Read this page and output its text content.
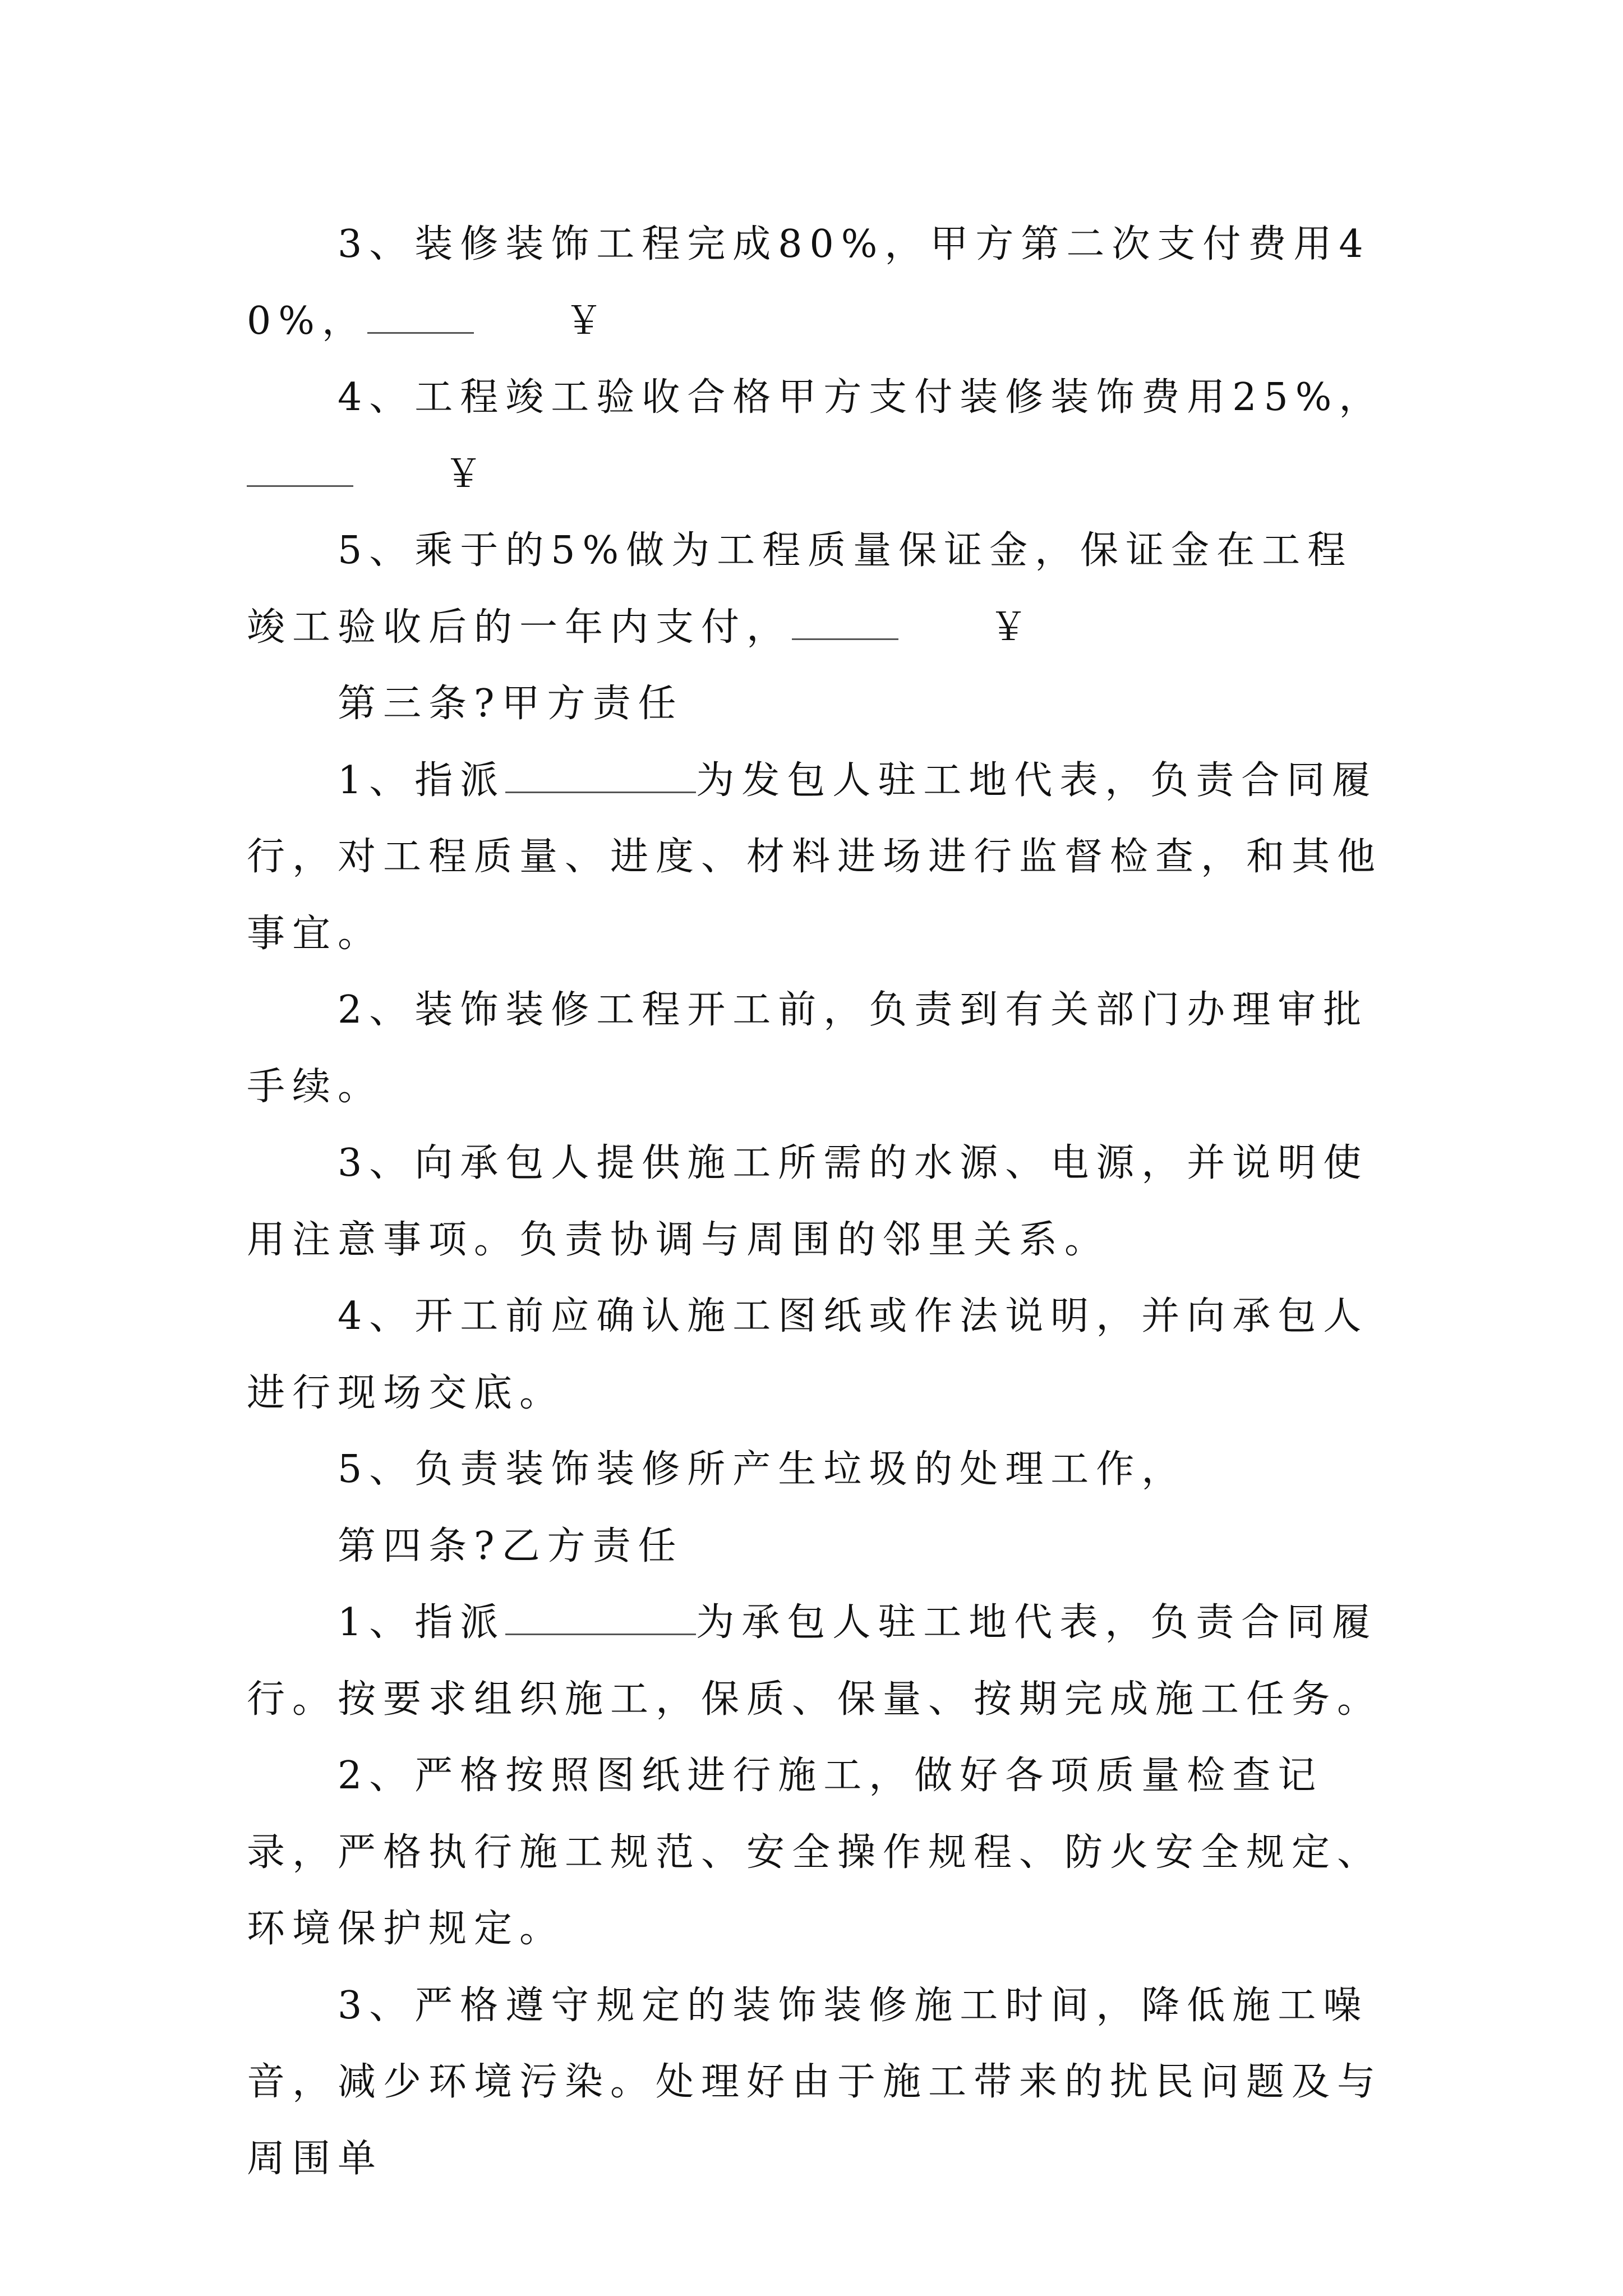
3、装修装饰工程完成80%，甲方第二次支付费用40%，	￥

4、工程竣工验收合格甲方支付装修装饰费用25%，￥

5、乘于的5%做为工程质量保证金，保证金在工程竣工验收后的一年内支付，	￥

第三条?甲方责任

1、指派	为发包人驻工地代表，负责合同履行，对工程质量、进度、材料进场进行监督检查，和其他事宜。

2、装饰装修工程开工前，负责到有关部门办理审批手续。

3、向承包人提供施工所需的水源、电源，并说明使用注意事项。负责协调与周围的邻里关系。

4、开工前应确认施工图纸或作法说明，并向承包人进行现场交底。

5、负责装饰装修所产生垃圾的处理工作，

第四条?乙方责任

1、指派	为承包人驻工地代表，负责合同履行。按要求组织施工，保质、保量、按期完成施工任务。

2、严格按照图纸进行施工，做好各项质量检查记录，严格执行施工规范、安全操作规程、防火安全规定、环境保护规定。

3、严格遵守规定的装饰装修施工时间，降低施工噪音，减少环境污染。处理好由于施工带来的扰民问题及与周围单
